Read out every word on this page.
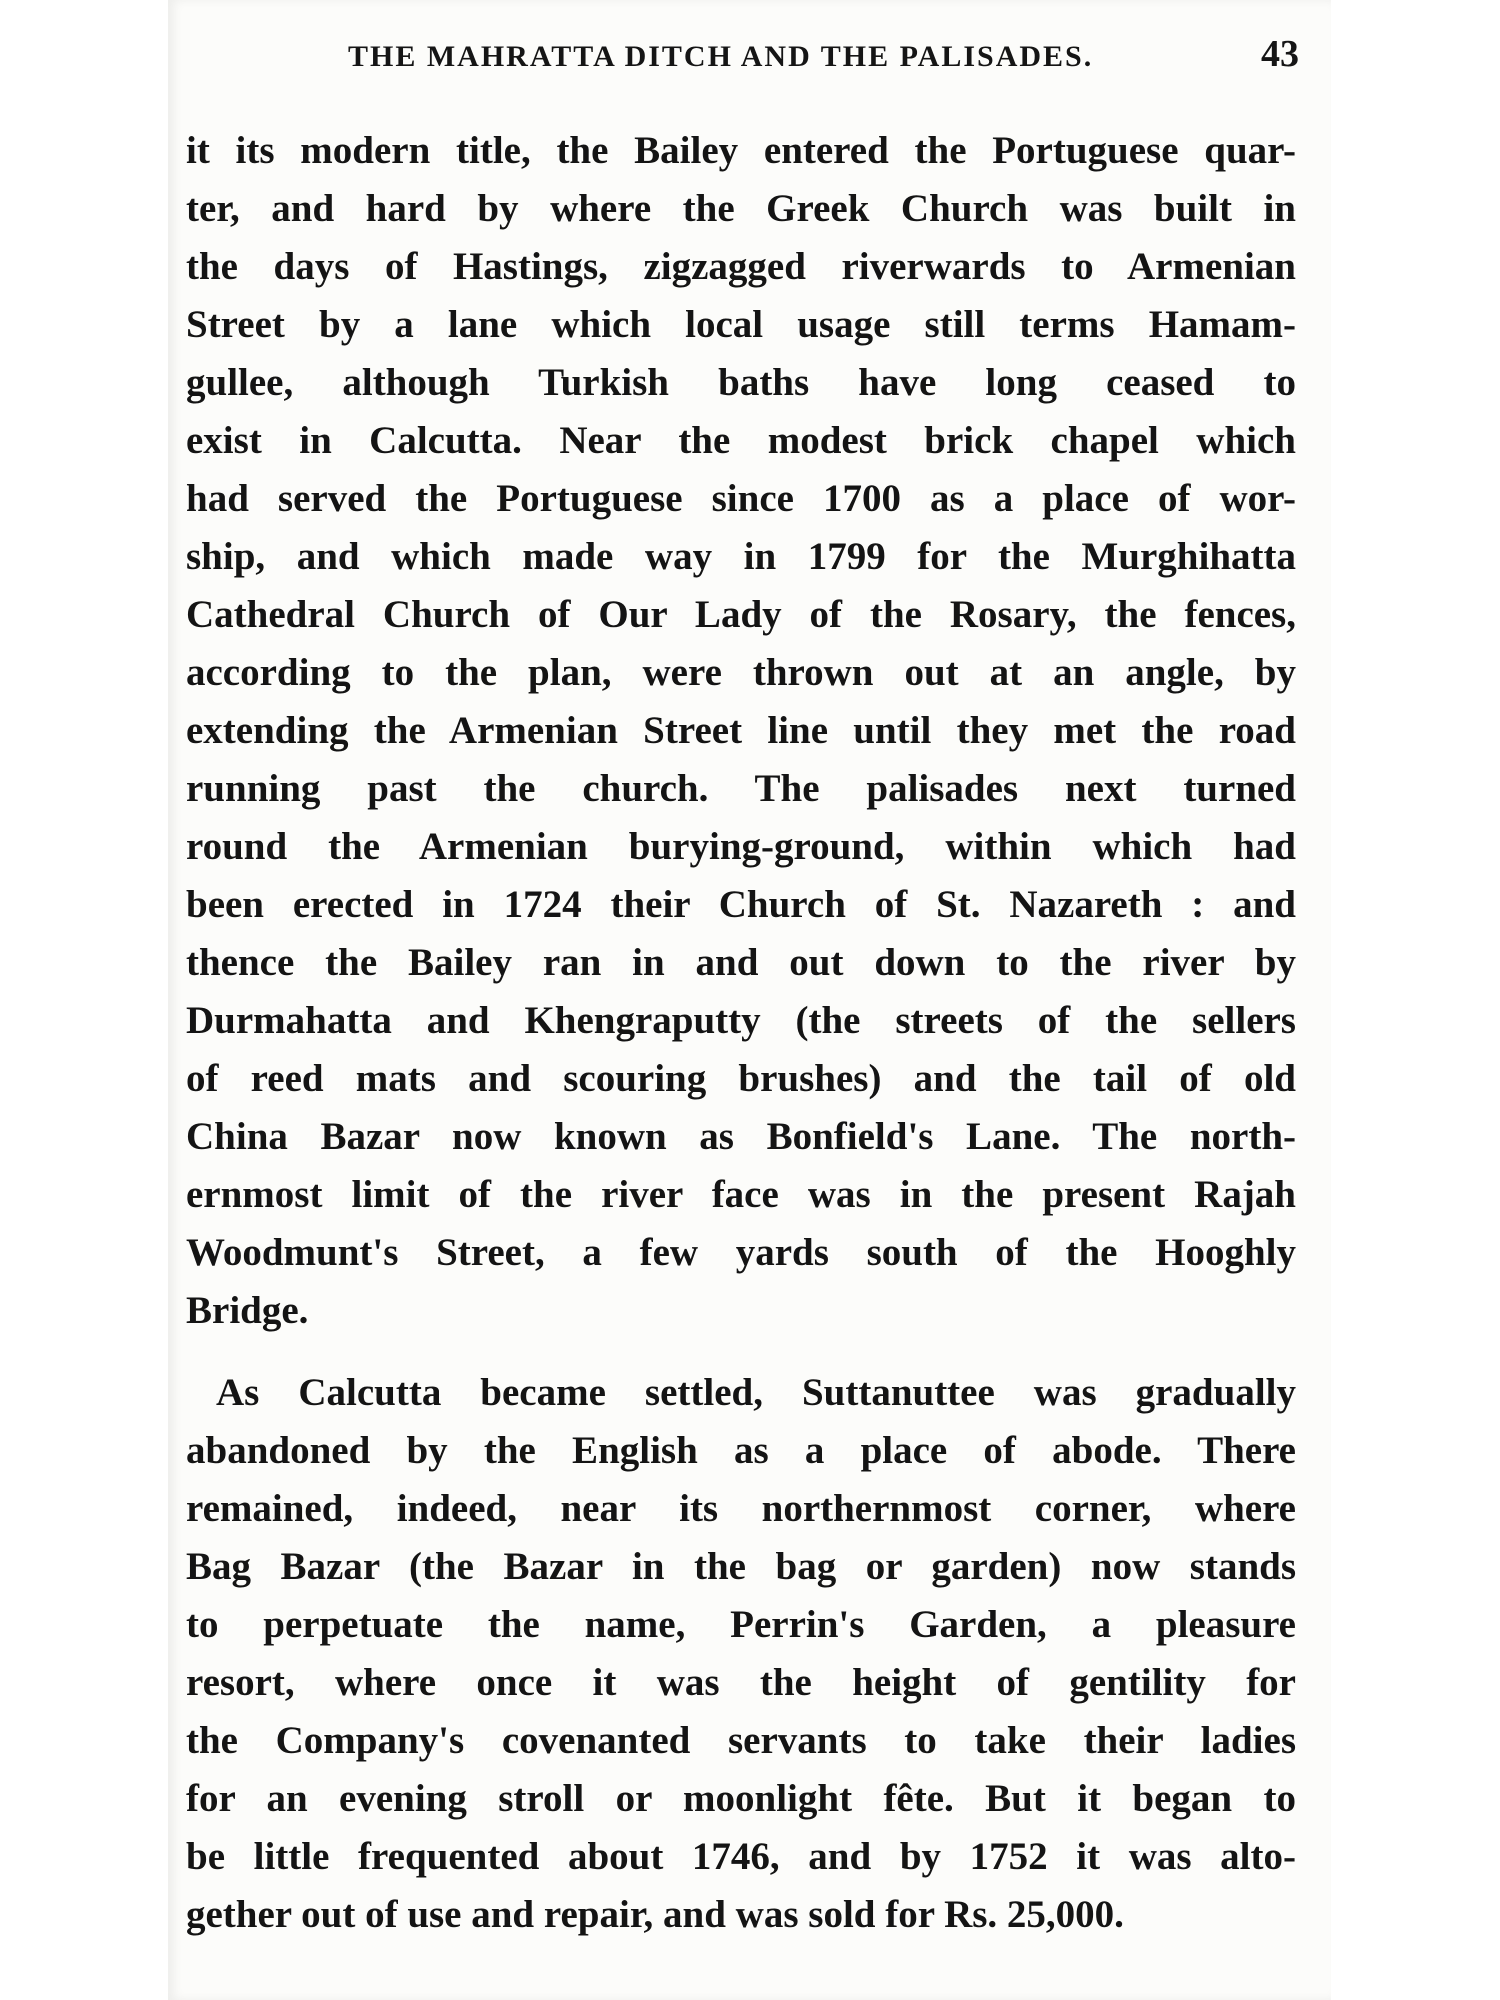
THE MAHRATTA DITCH AND THE PALISADES.	43
it its modern title, the Bailey entered the Portuguese quar-
ter, and hard by where the Greek Church was built in
the days of Hastings, zigzagged riverwards to Armenian
Street by a lane which local usage still terms Hamam-
gullee, although Turkish baths have long ceased to
exist in Calcutta. Near the modest brick chapel which
had served the Portuguese since 1700 as a place of wor-
ship, and which made way in 1799 for the Murghihatta
Cathedral Church of Our Lady of the Rosary, the fences,
according to the plan, were thrown out at an angle, by
extending the Armenian Street line until they met the road
running past the church. The palisades next turned
round the Armenian burying-ground, within which had
been erected in 1724 their Church of St. Nazareth : and
thence the Bailey ran in and out down to the river by
Durmahatta and Khengraputty (the streets of the sellers
of reed mats and scouring brushes) and the tail of old
China Bazar now known as Bonfield's Lane. The north-
ernmost limit of the river face was in the present Rajah
Woodmunt's Street, a few yards south of the Hooghly
Bridge.
As Calcutta became settled, Suttanuttee was gradually
abandoned by the English as a place of abode. There
remained, indeed, near its northernmost corner, where
Bag Bazar (the Bazar in the bag or garden) now stands
to perpetuate the name, Perrin's Garden, a pleasure
resort, where once it was the height of gentility for
the Company's covenanted servants to take their ladies
for an evening stroll or moonlight fête. But it began to
be little frequented about 1746, and by 1752 it was alto-
gether out of use and repair, and was sold for Rs. 25,000.
